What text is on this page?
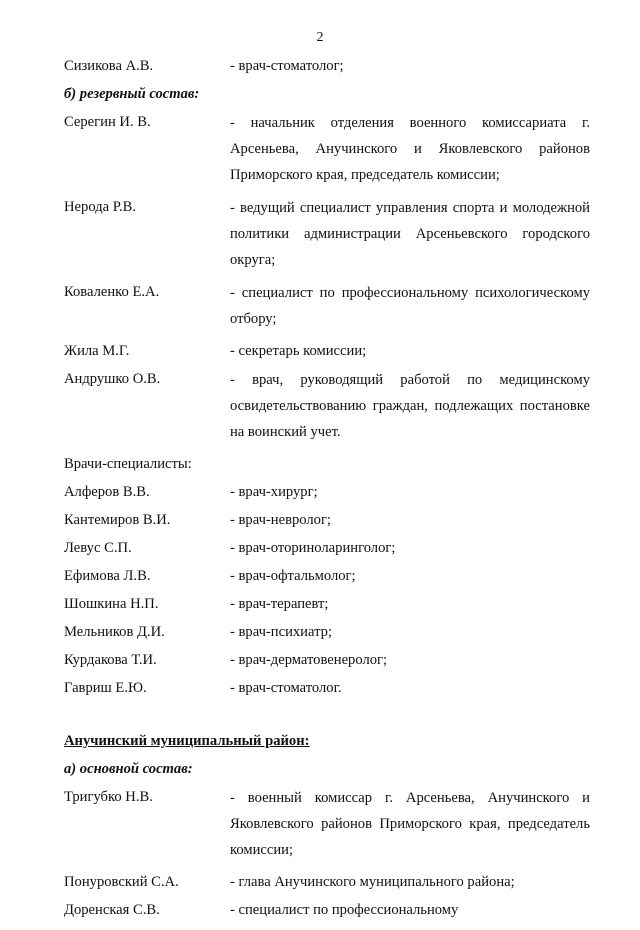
2
Сизикова А.В.	- врач-стоматолог;
б) резервный состав:
Серегин И. В.	- начальник отделения военного комиссариата г. Арсеньева, Анучинского и Яковлевского районов Приморского края, председатель комиссии;
Нерода Р.В.	- ведущий специалист управления спорта и молодежной политики администрации Арсеньевского городского округа;
Коваленко Е.А.	- специалист по профессиональному психологическому отбору;
Жила М.Г.	- секретарь комиссии;
Андрушко О.В.	- врач, руководящий работой по медицинскому освидетельствованию граждан, подлежащих постановке на воинский учет.
Врачи-специалисты:
Алферов В.В.	- врач-хирург;
Кантемиров В.И.	- врач-невролог;
Левус С.П.	- врач-оториноларинголог;
Ефимова Л.В.	- врач-офтальмолог;
Шошкина Н.П.	- врач-терапевт;
Мельников Д.И.	- врач-психиатр;
Курдакова Т.И.	- врач-дерматовенеролог;
Гавриш Е.Ю.	- врач-стоматолог.
Анучинский муниципальный район:
а) основной состав:
Тригубко Н.В.	- военный комиссар г. Арсеньева, Анучинского и Яковлевского районов Приморского края, председатель комиссии;
Понуровский С.А.	- глава Анучинского муниципального района;
Доренская С.В.	- специалист по профессиональному
